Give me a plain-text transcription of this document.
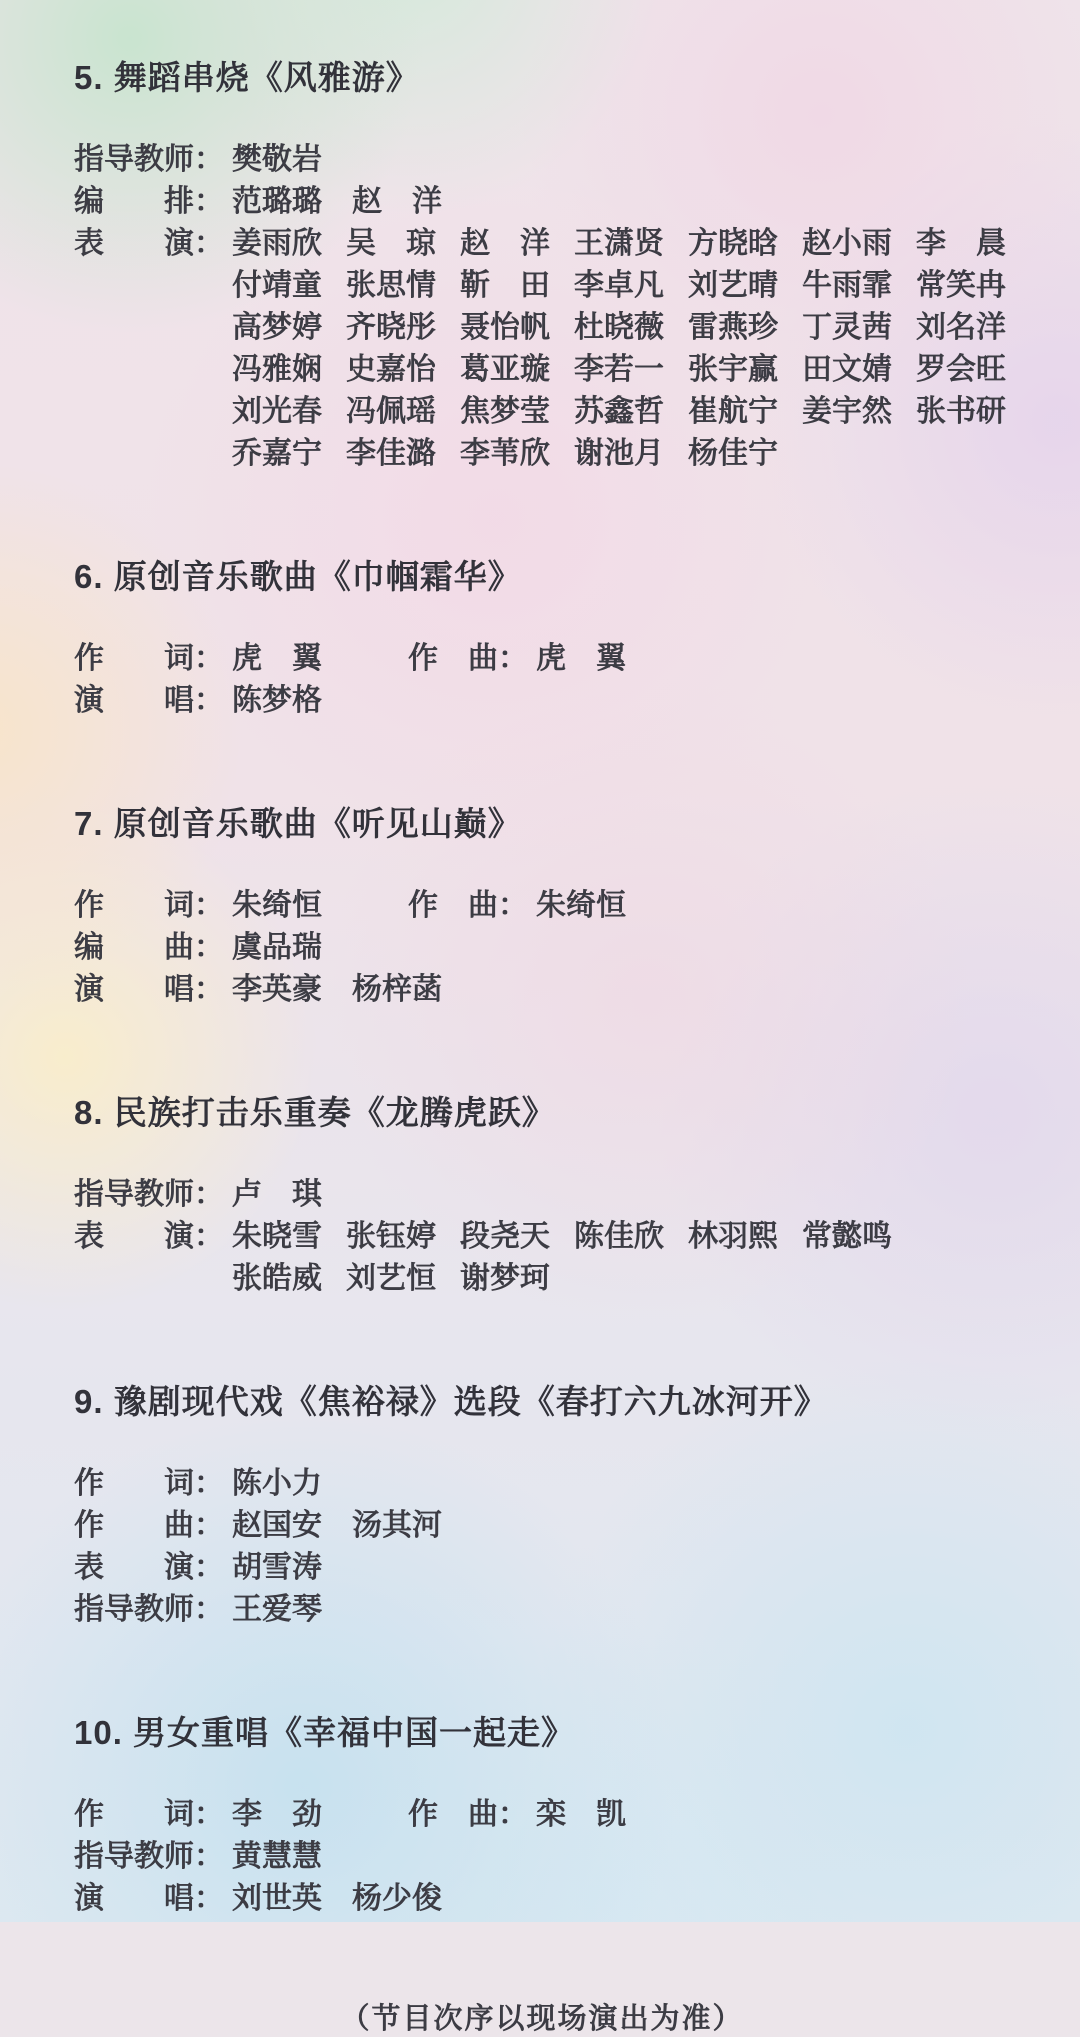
5. 舞蹈串烧《风雅游》
指导教师： 樊敬岩
编　　排： 范璐璐　赵　洋
表　　演： 姜雨欣 吴　琼 赵　洋 王潇贤 方晓晗 赵小雨 李　晨
付靖童 张思情 靳　田 李卓凡 刘艺晴 牛雨霏 常笑冉
高梦婷 齐晓彤 聂怡帆 杜晓薇 雷燕珍 丁灵茜 刘名洋
冯雅娴 史嘉怡 葛亚璇 李若一 张宇赢 田文婧 罗会旺
刘光春 冯佩瑶 焦梦莹 苏鑫哲 崔航宁 姜宇然 张书研
乔嘉宁 李佳潞 李苇欣 谢池月 杨佳宁
6. 原创音乐歌曲《巾帼霜华》
作　　词： 虎　翼	作　曲： 虎　翼
演　　唱： 陈梦格
7. 原创音乐歌曲《听见山巅》
作　　词： 朱绮恒	作　曲： 朱绮恒
编　　曲： 虞品瑞
演　　唱： 李英豪　杨梓菡
8. 民族打击乐重奏《龙腾虎跃》
指导教师： 卢　琪
表　　演： 朱晓雪 张钰婷 段尧天 陈佳欣 林羽熙 常懿鸣
张皓威 刘艺恒 谢梦珂
9. 豫剧现代戏《焦裕禄》选段《春打六九冰河开》
作　　词： 陈小力
作　　曲： 赵国安　汤其河
表　　演： 胡雪涛
指导教师： 王爱琴
10. 男女重唱《幸福中国一起走》
作　　词： 李　劲	作　曲： 栾　凯
指导教师： 黄慧慧
演　　唱： 刘世英　杨少俊
（节目次序以现场演出为准）
